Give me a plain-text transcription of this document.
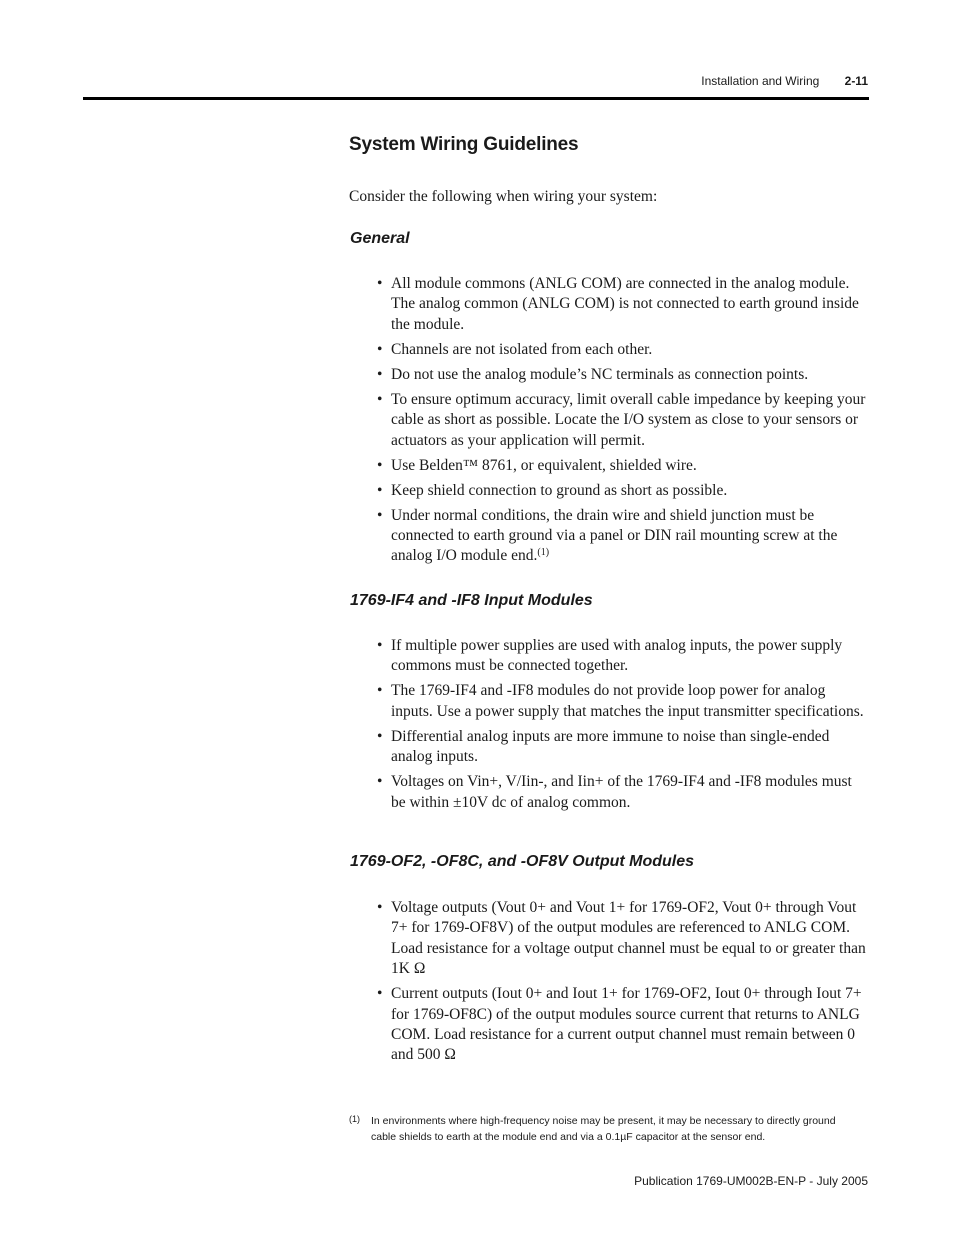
Installation and Wiring 2-11
System Wiring Guidelines

Consider the following when wiring your system:

General
• All module commons (ANLG COM) are connected in the analog module. The analog common (ANLG COM) is not connected to earth ground inside the module.
• Channels are not isolated from each other.
• Do not use the analog module’s NC terminals as connection points.
• To ensure optimum accuracy, limit overall cable impedance by keeping your cable as short as possible. Locate the I/O system as close to your sensors or actuators as your application will permit.
• Use Belden™ 8761, or equivalent, shielded wire.
• Keep shield connection to ground as short as possible.
• Under normal conditions, the drain wire and shield junction must be connected to earth ground via a panel or DIN rail mounting screw at the analog I/O module end.$^{(1)}$
1769-IF4 and -IF8 Input Modules
• If multiple power supplies are used with analog inputs, the power supply commons must be connected together.
• The 1769-IF4 and -IF8 modules do not provide loop power for analog inputs. Use a power supply that matches the input transmitter specifications.
• Differential analog inputs are more immune to noise than single-ended analog inputs.
• Voltages on Vin+, V/Iin-, and Iin+ of the 1769-IF4 and -IF8 modules must be within ±10V dc of analog common.
1769-OF2, -OF8C, and -OF8V Output Modules
• Voltage outputs (Vout 0+ and Vout 1+ for 1769-OF2, Vout 0+ through Vout 7+ for 1769-OF8V) of the output modules are referenced to ANLG COM. Load resistance for a voltage output channel must be equal to or greater than 1K Ω
• Current outputs (Iout 0+ and Iout 1+ for 1769-OF2, Iout 0+ through Iout 7+ for 1769-OF8C) of the output modules source current that returns to ANLG COM. Load resistance for a current output channel must remain between 0 and 500 Ω
(1)	In environments where high-frequency noise may be present, it may be necessary to directly ground cable shields to earth at the module end and via a 0.1µF capacitor at the sensor end.
Publication 1769-UM002B-EN-P - July 2005
